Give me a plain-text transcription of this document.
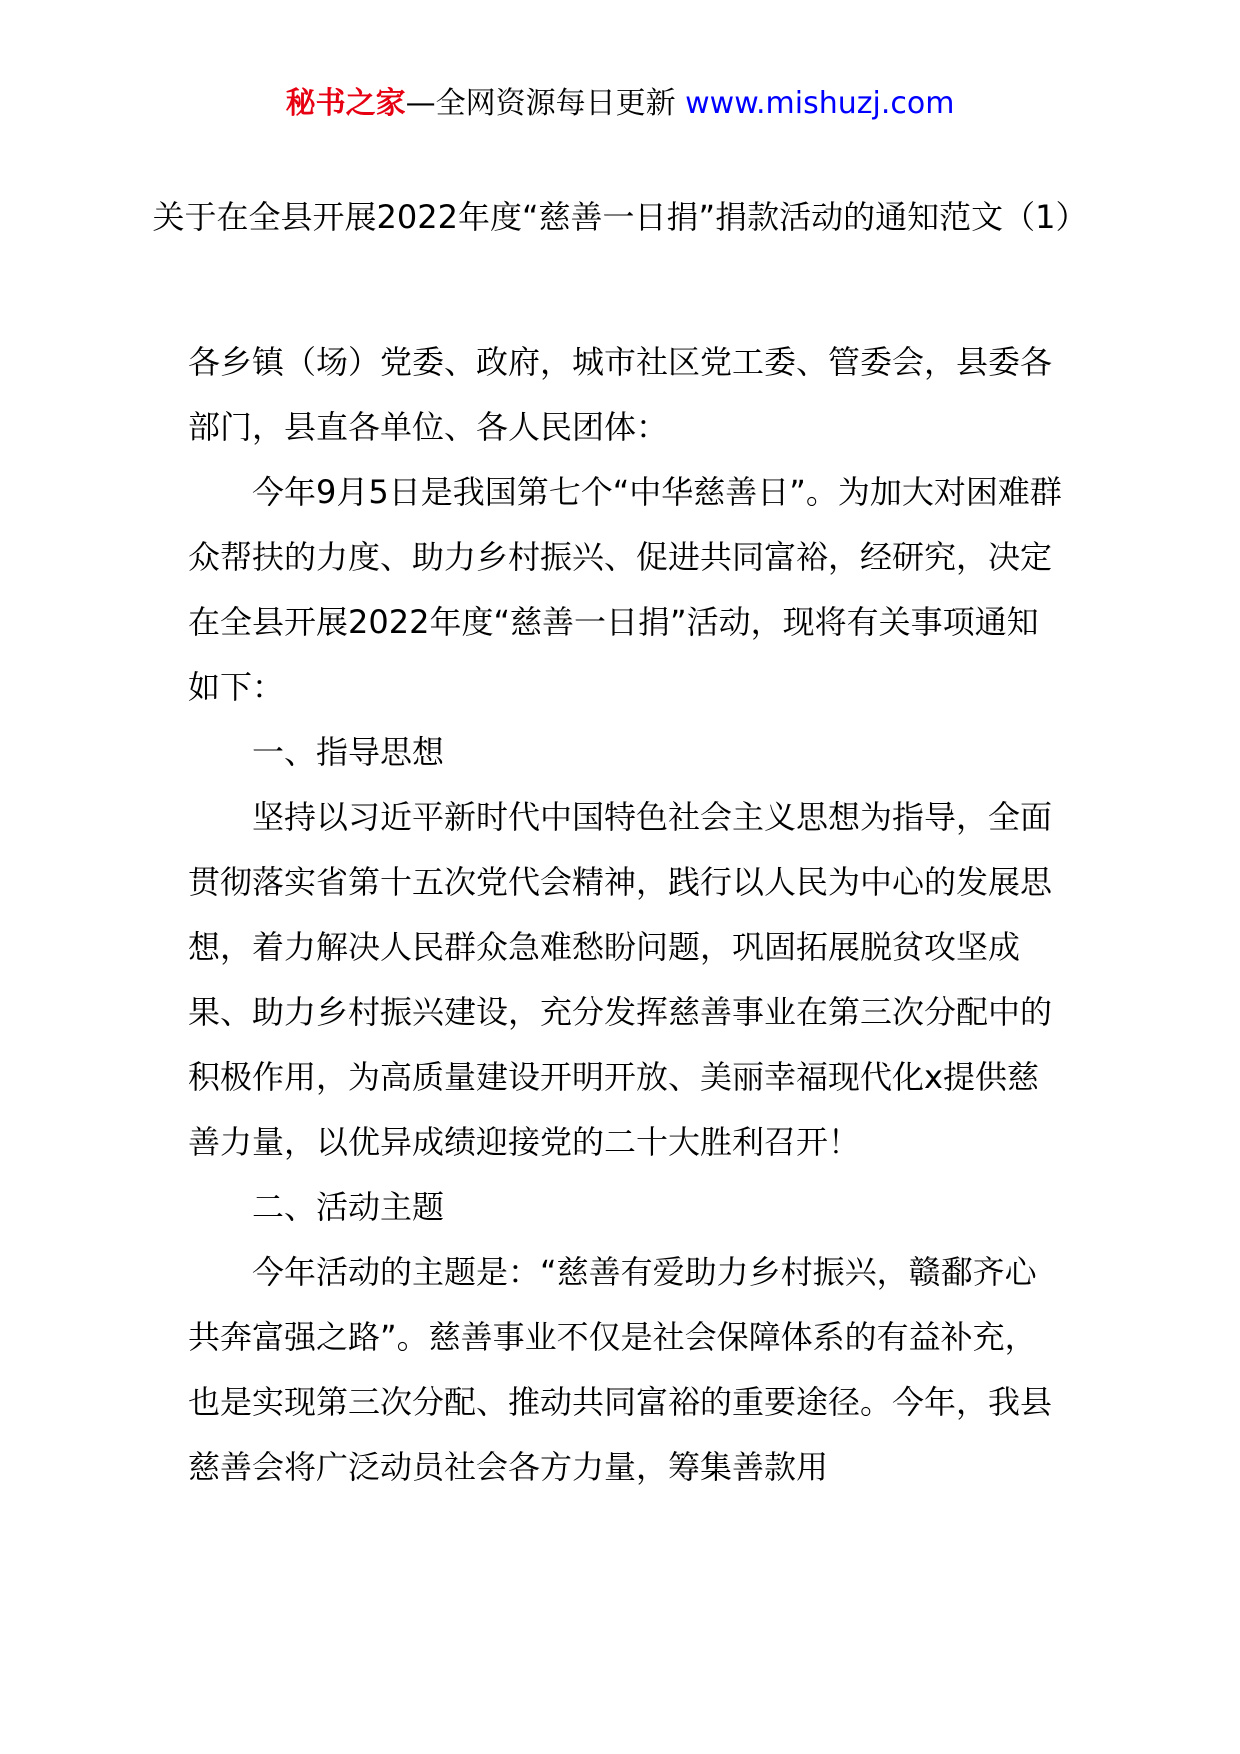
秘书之家—全网资源每日更新 www.mishuzj.com
关于在全县开展2022年度“慈善一日捐”捐款活动的通知范文（1）

各乡镇（场）党委、政府，城市社区党工委、管委会，县委各部门，县直各单位、各人民团体：

今年9月5日是我国第七个“中华慈善日”。为加大对困难群众帮扶的力度、助力乡村振兴、促进共同富裕，经研究，决定在全县开展2022年度“慈善一日捐”活动，现将有关事项通知如下：

一、指导思想

坚持以习近平新时代中国特色社会主义思想为指导，全面贯彻落实省第十五次党代会精神，践行以人民为中心的发展思想，着力解决人民群众急难愁盼问题，巩固拓展脱贫攻坚成果、助力乡村振兴建设，充分发挥慈善事业在第三次分配中的积极作用，为高质量建设开明开放、美丽幸福现代化x提供慈善力量，以优异成绩迎接党的二十大胜利召开！

二、活动主题

今年活动的主题是：“慈善有爱助力乡村振兴，赣鄱齐心共奔富强之路”。慈善事业不仅是社会保障体系的有益补充，也是实现第三次分配、推动共同富裕的重要途径。今年，我县慈善会将广泛动员社会各方力量，筹集善款用
